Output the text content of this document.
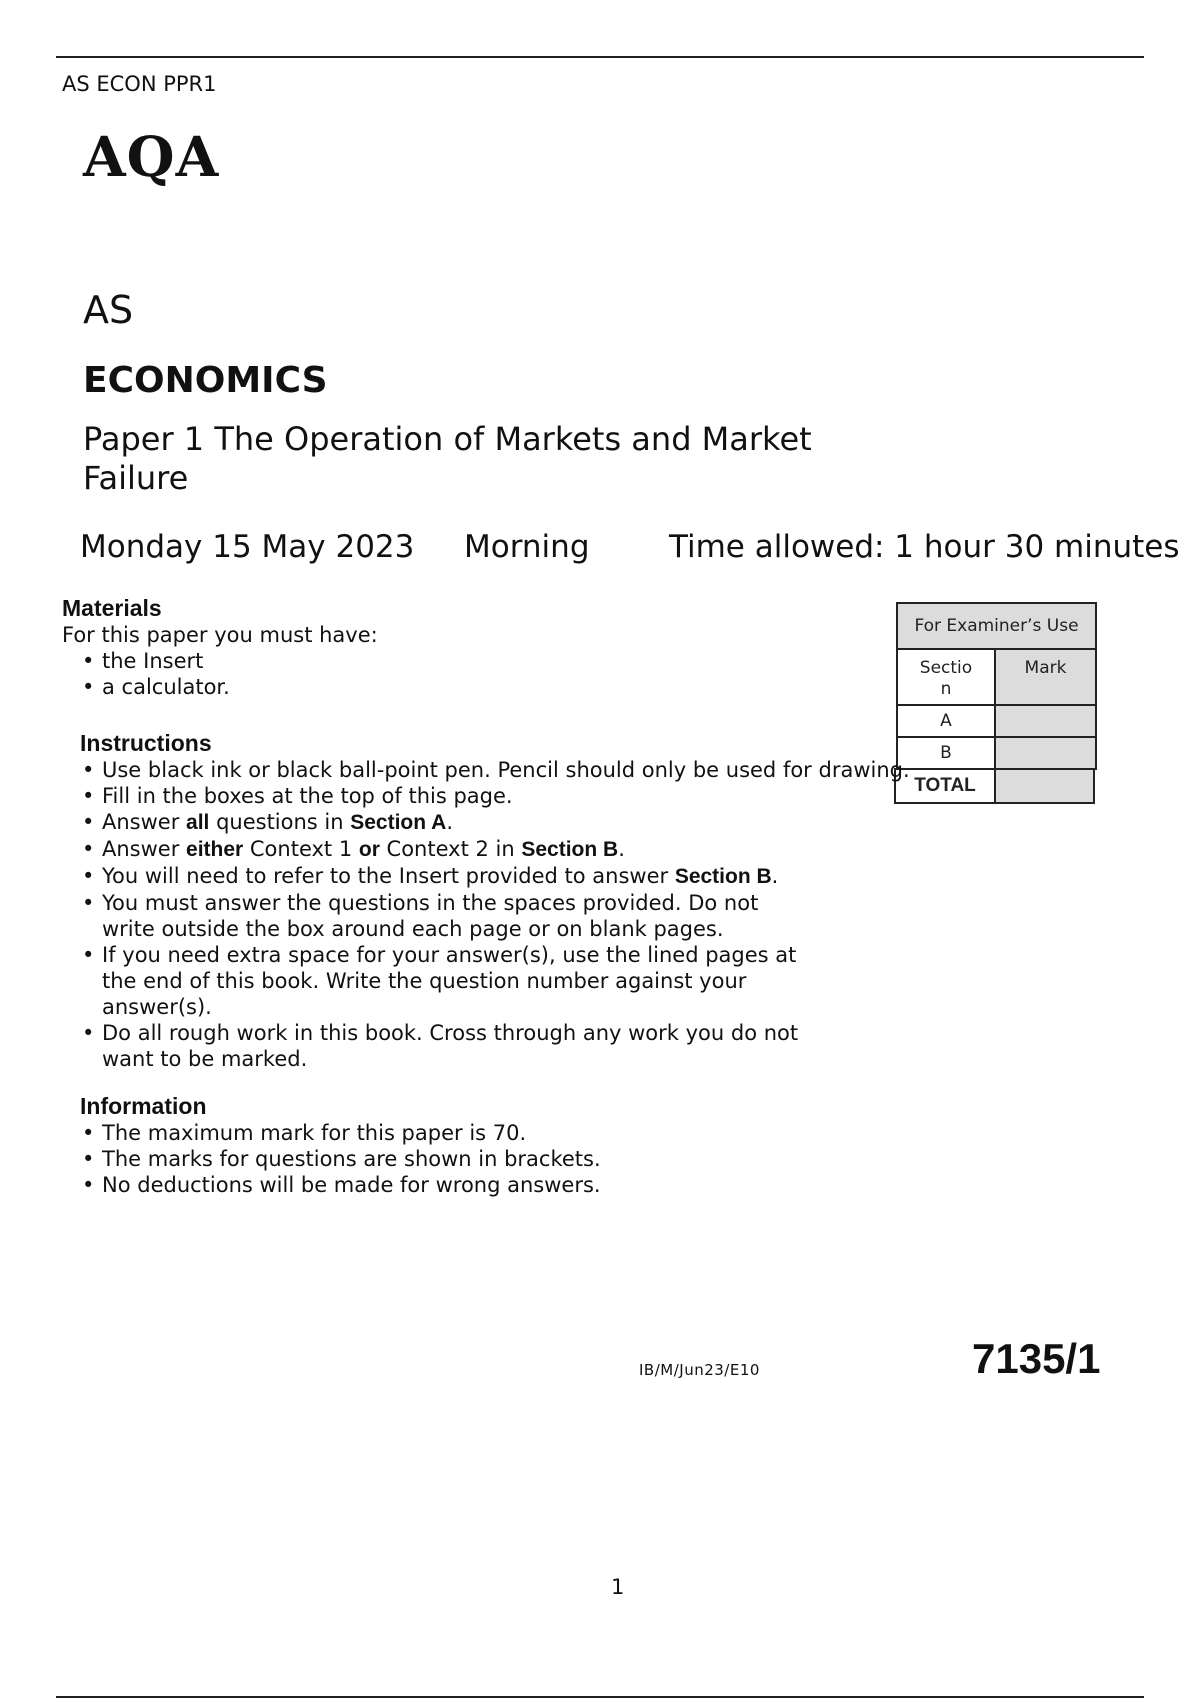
AS ECON PPR1
AQA
AS
ECONOMICS
Paper 1 The Operation of Markets and Market Failure
Monday 15 May 2023 Morning	Time allowed: 1 hour 30 minutes
Materials
For this paper you must have:
• the Insert
• a calculator.
For Examiner’s Use
Sectio
n
Mark
A
B
TOTAL
Instructions
• Use black ink or black ball-point pen. Pencil should only be used for drawing.
• Fill in the boxes at the top of this page.
• Answer all questions in Section A.
• Answer either Context 1 or Context 2 in Section B.
• You will need to refer to the Insert provided to answer Section B.
• You must answer the questions in the spaces provided. Do not write outside the box around each page or on blank pages.
• If you need extra space for your answer(s), use the lined pages at the end of this book. Write the question number against your answer(s).
• Do all rough work in this book. Cross through any work you do not want to be marked.
Information
• The maximum mark for this paper is 70.
• The marks for questions are shown in brackets.
• No deductions will be made for wrong answers.
IB/M/Jun23/E10	7135/1
1
